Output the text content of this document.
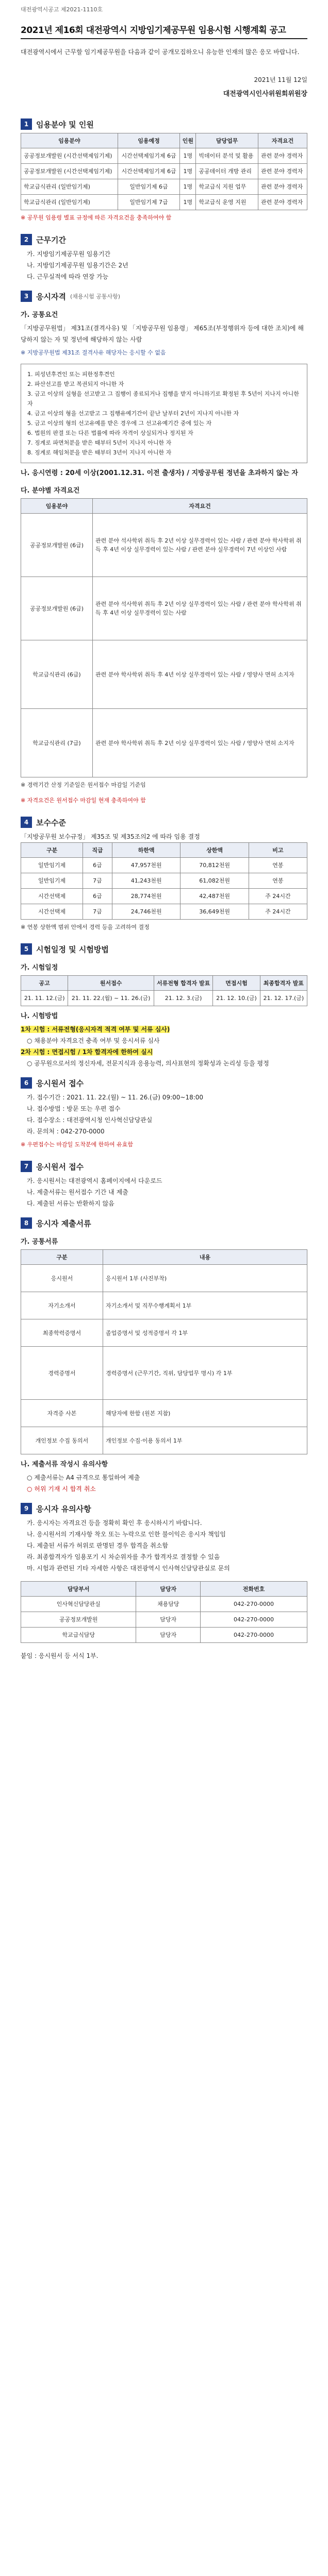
대전광역시공고 제2021-1110호
2021년 제16회 대전광역시 지방임기제공무원 임용시험 시행계획 공고
대전광역시에서 근무할 임기제공무원을 다음과 같이 공개모집하오니 유능한 인재의 많은 응모 바랍니다.
2021년 11월 12일
대전광역시인사위원회위원장
1 임용분야 및 인원
임용분야	임용예정	인원	담당업무	자격요건
공공정보개발원 (시간선택제임기제)	시간선택제임기제 6급	1명	빅데이터 분석 및 활용	관련 분야 경력자
공공정보개발원 (시간선택제임기제)	시간선택제임기제 6급	1명	공공데이터 개방 관리	관련 분야 경력자
학교급식관리 (일반임기제)	일반임기제 6급	1명	학교급식 지원 업무	관련 분야 경력자
학교급식관리 (일반임기제)	일반임기제 7급	1명	학교급식 운영 지원	관련 분야 경력자
※ 공무원 임용령 별표 규정에 따른 자격요건을 충족하여야 함
2 근무기간
가. 지방임기제공무원 임용기간
나. 지방임기제공무원 임용기간은 2년
다. 근무실적에 따라 연장 가능
3 응시자격 (채용시험 공통사항)
가. 공통요건
「지방공무원법」 제31조(결격사유) 및 「지방공무원 임용령」 제65조(부정행위자 등에 대한 조치)에 해당하지 않는 자 및 정년에 해당하지 않는 사람
※ 지방공무원법 제31조 결격사유 해당자는 응시할 수 없음
1. 피성년후견인 또는 피한정후견인
2. 파산선고를 받고 복권되지 아니한 자
3. 금고 이상의 실형을 선고받고 그 집행이 종료되거나 집행을 받지 아니하기로 확정된 후 5년이 지나지 아니한 자
4. 금고 이상의 형을 선고받고 그 집행유예기간이 끝난 날부터 2년이 지나지 아니한 자
5. 금고 이상의 형의 선고유예를 받은 경우에 그 선고유예기간 중에 있는 자
6. 법원의 판결 또는 다른 법률에 따라 자격이 상실되거나 정지된 자
7. 징계로 파면처분을 받은 때부터 5년이 지나지 아니한 자
8. 징계로 해임처분을 받은 때부터 3년이 지나지 아니한 자
나. 응시연령 : 20세 이상(2001.12.31. 이전 출생자) / 지방공무원 정년을 초과하지 않는 자
다. 분야별 자격요건
임용분야	자격요건
공공정보개발원 (6급)	관련 분야 석사학위 취득 후 2년 이상 실무경력이 있는 사람 / 관련 분야 학사학위 취득 후 4년 이상 실무경력이 있는 사람 / 관련 분야 실무경력이 7년 이상인 사람
공공정보개발원 (6급)	관련 분야 석사학위 취득 후 2년 이상 실무경력이 있는 사람 / 관련 분야 학사학위 취득 후 4년 이상 실무경력이 있는 사람
학교급식관리 (6급)	관련 분야 학사학위 취득 후 4년 이상 실무경력이 있는 사람 / 영양사 면허 소지자
학교급식관리 (7급)	관련 분야 학사학위 취득 후 2년 이상 실무경력이 있는 사람 / 영양사 면허 소지자
※ 경력기간 산정 기준일은 원서접수 마감일 기준임
※ 자격요건은 원서접수 마감일 현재 충족하여야 함
4 보수수준
「지방공무원 보수규정」 제35조 및 제35조의2 에 따라 임용 결정
구분	직급	하한액	상한액	비고
일반임기제	6급	47,957천원	70,812천원	연봉
일반임기제	7급	41,243천원	61,082천원	연봉
시간선택제	6급	28,774천원	42,487천원	주 24시간
시간선택제	7급	24,746천원	36,649천원	주 24시간
※ 연봉 상한액 범위 안에서 경력 등을 고려하여 결정
5 시험일정 및 시험방법
가. 시험일정
공고	원서접수	서류전형 합격자 발표	면접시험	최종합격자 발표
21. 11. 12.(금)	21. 11. 22.(월) ~ 11. 26.(금)	21. 12. 3.(금)	21. 12. 10.(금)	21. 12. 17.(금)
나. 시험방법
1차 시험 : 서류전형(응시자격 적격 여부 및 서류 심사)
○ 채용분야 자격요건 충족 여부 및 응시서류 심사
2차 시험 : 면접시험 / 1차 합격자에 한하여 실시
○ 공무원으로서의 정신자세, 전문지식과 응용능력, 의사표현의 정확성과 논리성 등을 평정
6 응시원서 접수
가. 접수기간 : 2021. 11. 22.(월) ~ 11. 26.(금) 09:00~18:00
나. 접수방법 : 방문 또는 우편 접수
다. 접수장소 : 대전광역시청 인사혁신담당관실
라. 문의처 : 042-270-0000
※ 우편접수는 마감일 도착분에 한하여 유효함
7 응시원서 접수
가. 응시원서는 대전광역시 홈페이지에서 다운로드
나. 제출서류는 원서접수 기간 내 제출
다. 제출된 서류는 반환하지 않음
8 응시자 제출서류
가. 공통서류
구분	내용
응시원서	응시원서 1부 (사진부착)
자기소개서	자기소개서 및 직무수행계획서 1부
최종학력증명서	졸업증명서 및 성적증명서 각 1부
경력증명서	경력증명서 (근무기간, 직위, 담당업무 명시) 각 1부
자격증 사본	해당자에 한함 (원본 지참)
개인정보 수집 동의서	개인정보 수집·이용 동의서 1부
나. 제출서류 작성시 유의사항
○ 제출서류는 A4 규격으로 통일하여 제출
○ 허위 기재 시 합격 취소
9 응시자 유의사항
가. 응시자는 자격요건 등을 정확히 확인 후 응시하시기 바랍니다.
나. 응시원서의 기재사항 착오 또는 누락으로 인한 불이익은 응시자 책임임
다. 제출된 서류가 허위로 판명된 경우 합격을 취소함
라. 최종합격자가 임용포기 시 차순위자를 추가 합격자로 결정할 수 있음
마. 시험과 관련된 기타 자세한 사항은 대전광역시 인사혁신담당관실로 문의
담당부서	담당자	전화번호
인사혁신담당관실	채용담당	042-270-0000
공공정보개발원	담당자	042-270-0000
학교급식담당	담당자	042-270-0000
붙임 : 응시원서 등 서식 1부.
